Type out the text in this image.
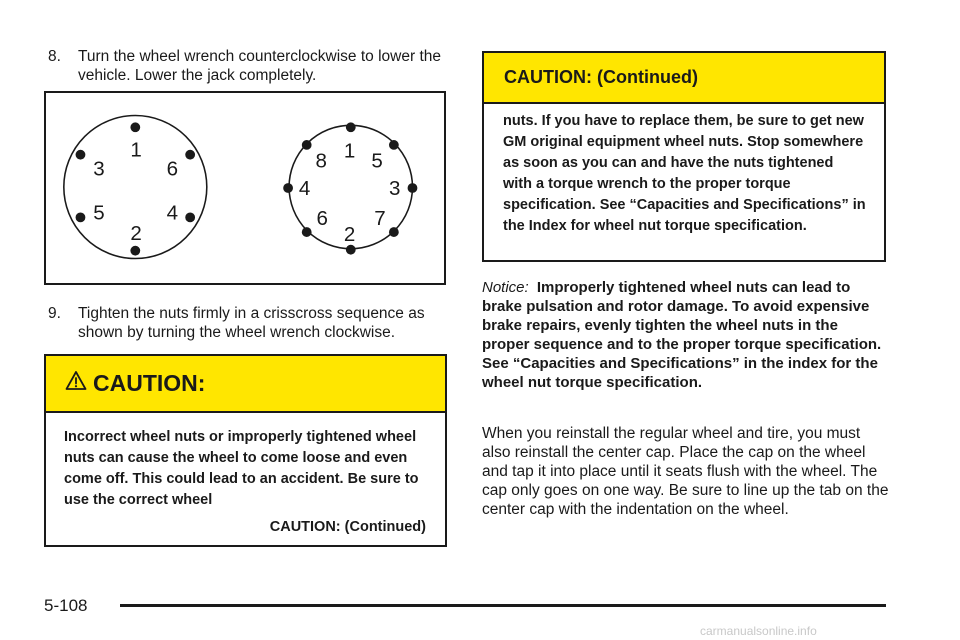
8. Turn the wheel wrench counterclockwise to lower the vehicle. Lower the jack completely.
1
2
3
4
5
6
1
2
3
4
5
6 7
8
9. Tighten the nuts firmly in a crisscross sequence as shown by turning the wheel wrench clockwise.
CAUTION:
Incorrect wheel nuts or improperly tightened wheel nuts can cause the wheel to come loose and even come off. This could lead to an accident. Be sure to use the correct wheel
CAUTION: (Continued)
CAUTION: (Continued)
nuts. If you have to replace them, be sure to get new GM original equipment wheel nuts. Stop somewhere as soon as you can and have the nuts tightened with a torque wrench to the proper torque specification. See “Capacities and Specifications” in the Index for wheel nut torque specification.
Notice: Improperly tightened wheel nuts can lead to brake pulsation and rotor damage. To avoid expensive brake repairs, evenly tighten the wheel nuts in the proper sequence and to the proper torque specification. See “Capacities and Specifications” in the index for the wheel nut torque specification.
When you reinstall the regular wheel and tire, you must also reinstall the center cap. Place the cap on the wheel and tap it into place until it seats flush with the wheel. The cap only goes on one way. Be sure to line up the tab on the center cap with the indentation on the wheel.
5-108
carmanualsonline.info
